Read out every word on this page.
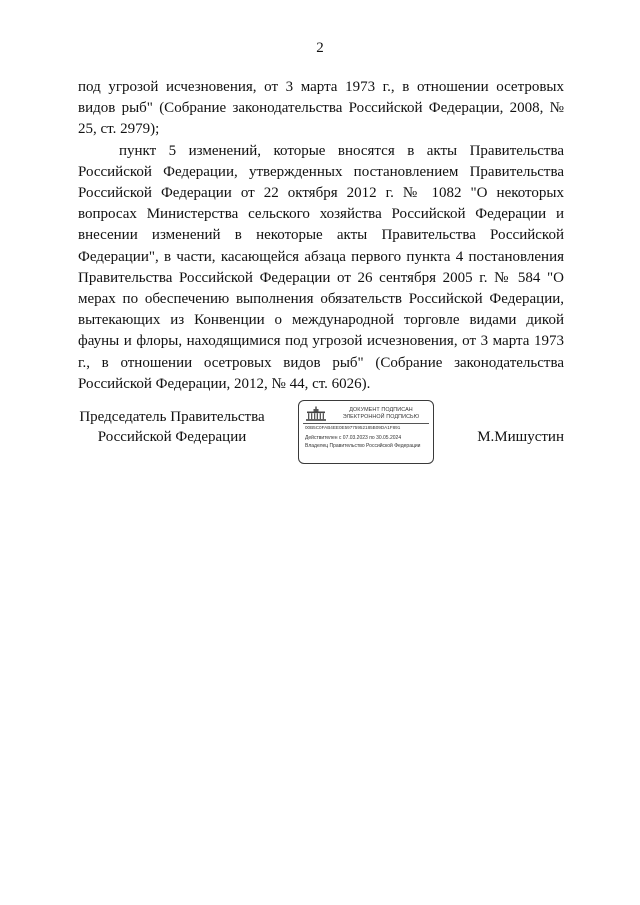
2

под угрозой исчезновения, от 3 марта 1973 г., в отношении осетровых видов рыб" (Собрание законодательства Российской Федерации, 2008, № 25, ст. 2979);

пункт 5 изменений, которые вносятся в акты Правительства Российской Федерации, утвержденных постановлением Правительства Российской Федерации от 22 октября 2012 г. № 1082 "О некоторых вопросах Министерства сельского хозяйства Российской Федерации и внесении изменений в некоторые акты Правительства Российской Федерации", в части, касающейся абзаца первого пункта 4 постановления Правительства Российской Федерации от 26 сентября 2005 г. № 584 "О мерах по обеспечению выполнения обязательств Российской Федерации, вытекающих из Конвенции о международной торговле видами дикой фауны и флоры, находящимися под угрозой исчезновения, от 3 марта 1973 г., в отношении осетровых видов рыб" (Собрание законодательства Российской Федерации, 2012, № 44, ст. 6026).

Председатель Правительства
Российской Федерации
ДОКУМЕНТ ПОДПИСАН
ЭЛЕКТРОННОЙ ПОДПИСЬЮ
00B5C0FAB4EE0E59775952185B09DA1F891
Действителен с 07.03.2023 по 30.05.2024
Владелец Правительство Российской Федерации
М.Мишустин
